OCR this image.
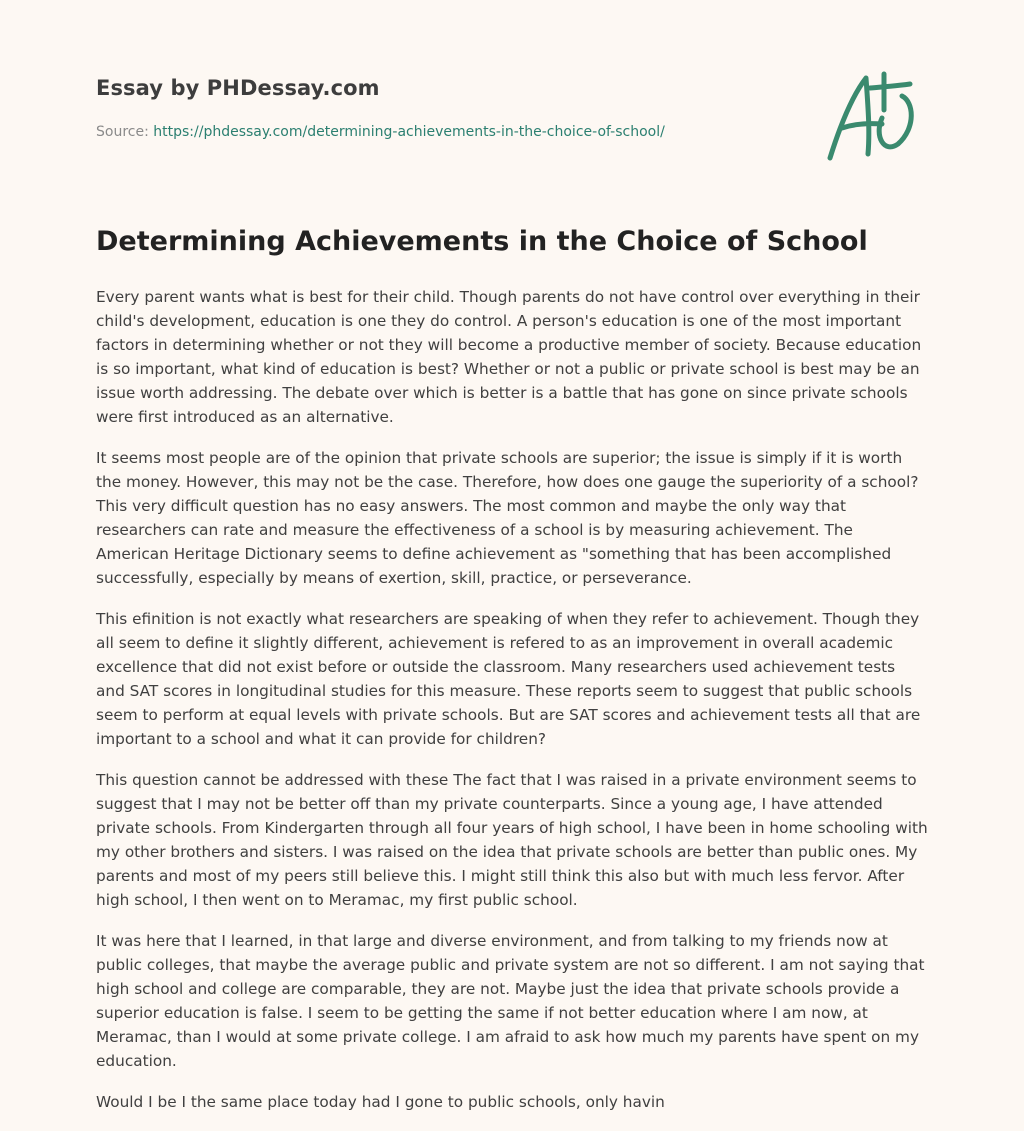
Essay by PHDessay.com
Source: https://phdessay.com/determining-achievements-in-the-choice-of-school/
Determining Achievements in the Choice of School

Every parent wants what is best for their child. Though parents do not have control over everything in their child's development, education is one they do control. A person's education is one of the most important factors in determining whether or not they will become a productive member of society. Because education is so important, what kind of education is best? Whether or not a public or private school is best may be an issue worth addressing. The debate over which is better is a battle that has gone on since private schools were first introduced as an alternative.

It seems most people are of the opinion that private schools are superior; the issue is simply if it is worth the money. However, this may not be the case. Therefore, how does one gauge the superiority of a school? This very difficult question has no easy answers. The most common and maybe the only way that researchers can rate and measure the effectiveness of a school is by measuring achievement. The American Heritage Dictionary seems to define achievement as "something that has been accomplished successfully, especially by means of exertion, skill, practice, or perseverance.

This efinition is not exactly what researchers are speaking of when they refer to achievement. Though they all seem to define it slightly different, achievement is refered to as an improvement in overall academic excellence that did not exist before or outside the classroom. Many researchers used achievement tests and SAT scores in longitudinal studies for this measure. These reports seem to suggest that public schools seem to perform at equal levels with private schools. But are SAT scores and achievement tests all that are important to a school and what it can provide for children?

This question cannot be addressed with these The fact that I was raised in a private environment seems to suggest that I may not be better off than my private counterparts. Since a young age, I have attended private schools. From Kindergarten through all four years of high school, I have been in home schooling with my other brothers and sisters. I was raised on the idea that private schools are better than public ones. My parents and most of my peers still believe this. I might still think this also but with much less fervor. After high school, I then went on to Meramac, my first public school.

It was here that I learned, in that large and diverse environment, and from talking to my friends now at public colleges, that maybe the average public and private system are not so different. I am not saying that high school and college are comparable, they are not. Maybe just the idea that private schools provide a superior education is false. I seem to be getting the same if not better education where I am now, at Meramac, than I would at some private college. I am afraid to ask how much my parents have spent on my education.

Would I be I the same place today had I gone to public schools, only havin
